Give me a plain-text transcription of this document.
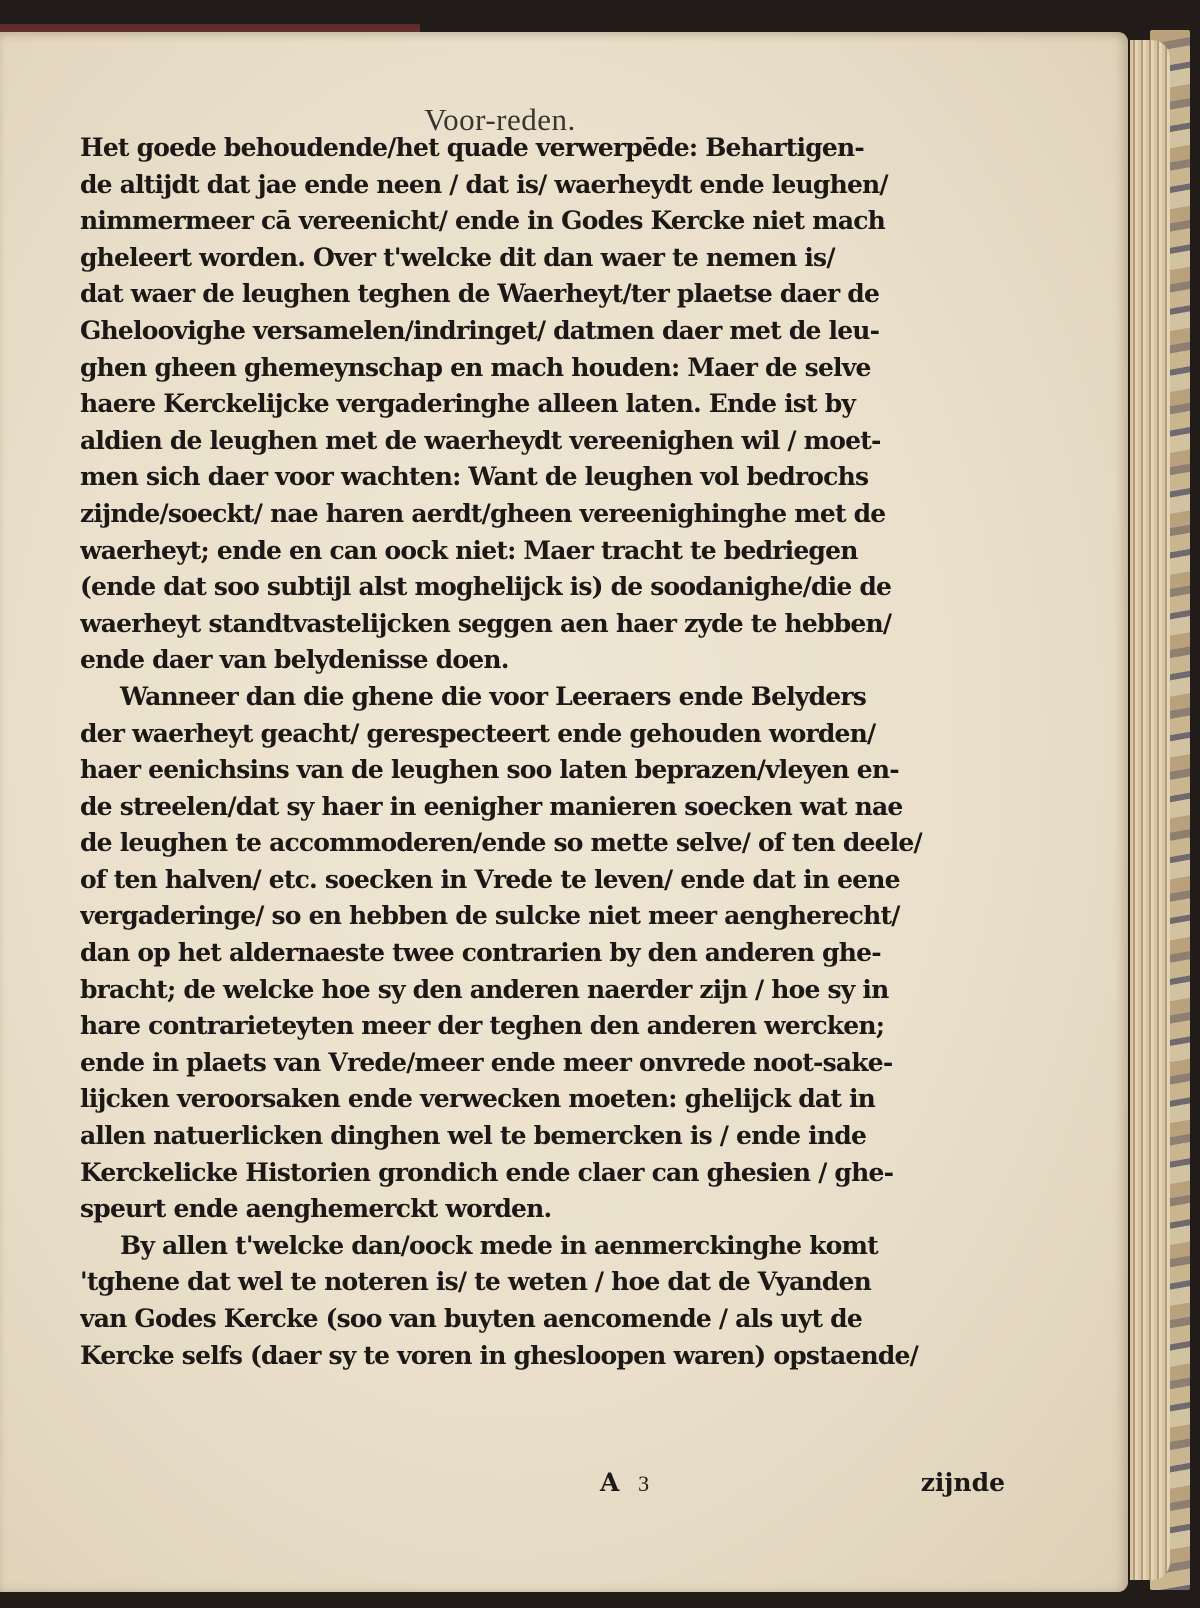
Voor-reden.
Het goede behoudende/het quade verwerpēde: Behartigen-
de altijdt dat jae ende neen / dat is/ waerheydt ende leughen/
nimmermeer cā vereenicht/ ende in Godes Kercke niet mach
gheleert worden. Over t'welcke dit dan waer te nemen is/
dat waer de leughen teghen de Waerheyt/ter plaetse daer de
Gheloovighe versamelen/indringet/ datmen daer met de leu-
ghen gheen ghemeynschap en mach houden: Maer de selve
haere Kerckelijcke vergaderinghe alleen laten. Ende ist by
aldien de leughen met de waerheydt vereenighen wil / moet-
men sich daer voor wachten: Want de leughen vol bedrochs
zijnde/soeckt/ nae haren aerdt/gheen vereenighinghe met de
waerheyt; ende en can oock niet: Maer tracht te bedriegen
(ende dat soo subtijl alst moghelijck is) de soodanighe/die de
waerheyt standtvastelijcken seggen aen haer zyde te hebben/
ende daer van belydenisse doen.
Wanneer dan die ghene die voor Leeraers ende Belyders
der waerheyt geacht/ gerespecteert ende gehouden worden/
haer eenichsins van de leughen soo laten beprazen/vleyen en-
de streelen/dat sy haer in eenigher manieren soecken wat nae
de leughen te accommoderen/ende so mette selve/ of ten deele/
of ten halven/ etc. soecken in Vrede te leven/ ende dat in eene
vergaderinge/ so en hebben de sulcke niet meer aengherecht/
dan op het aldernaeste twee contrarien by den anderen ghe-
bracht; de welcke hoe sy den anderen naerder zijn / hoe sy in
hare contrarieteyten meer der teghen den anderen wercken;
ende in plaets van Vrede/meer ende meer onvrede noot-sake-
lijcken veroorsaken ende verwecken moeten: ghelijck dat in
allen natuerlicken dinghen wel te bemercken is / ende inde
Kerckelicke Historien grondich ende claer can ghesien / ghe-
speurt ende aenghemerckt worden.
By allen t'welcke dan/oock mede in aenmerckinghe komt
'tghene dat wel te noteren is/ te weten / hoe dat de Vyanden
van Godes Kercke (soo van buyten aencomende / als uyt de
Kercke selfs (daer sy te voren in ghesloopen waren) opstaende/
A 3	zijnde
